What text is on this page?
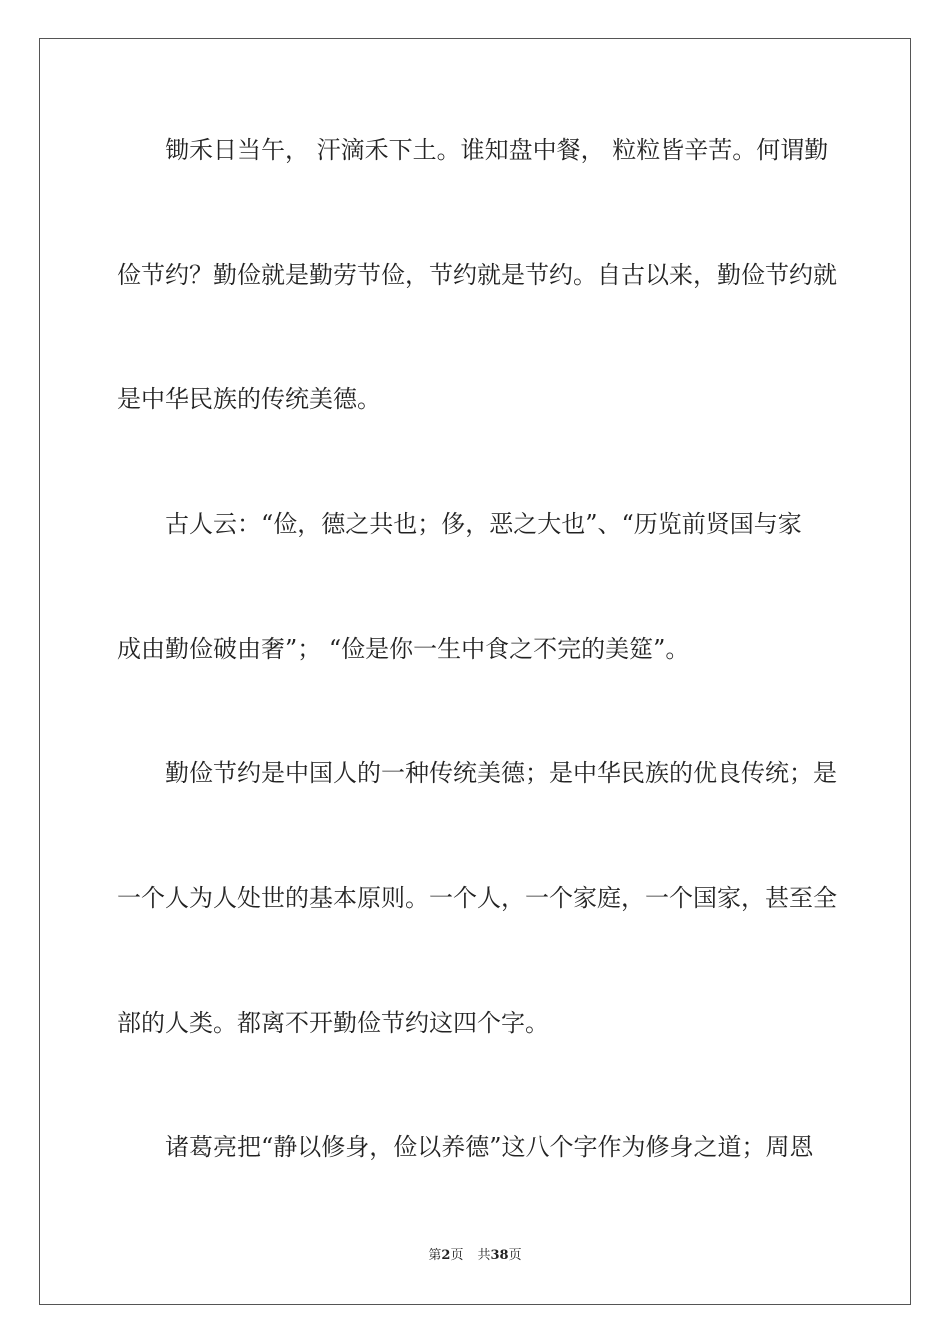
　　锄禾日当午， 汗滴禾下土。谁知盘中餐， 粒粒皆辛苦。何谓勤
俭节约？勤俭就是勤劳节俭，节约就是节约。自古以来，勤俭节约就
是中华民族的传统美德。
　　古人云：“俭，德之共也；侈，恶之大也”、“历览前贤国与家
成由勤俭破由奢”； “俭是你一生中食之不完的美筵”。
　　勤俭节约是中国人的一种传统美德；是中华民族的优良传统；是
一个人为人处世的基本原则。一个人，一个家庭，一个国家，甚至全
部的人类。都离不开勤俭节约这四个字。
　　诸葛亮把“静以修身，俭以养德”这八个字作为修身之道；周恩
第2页 共38页
